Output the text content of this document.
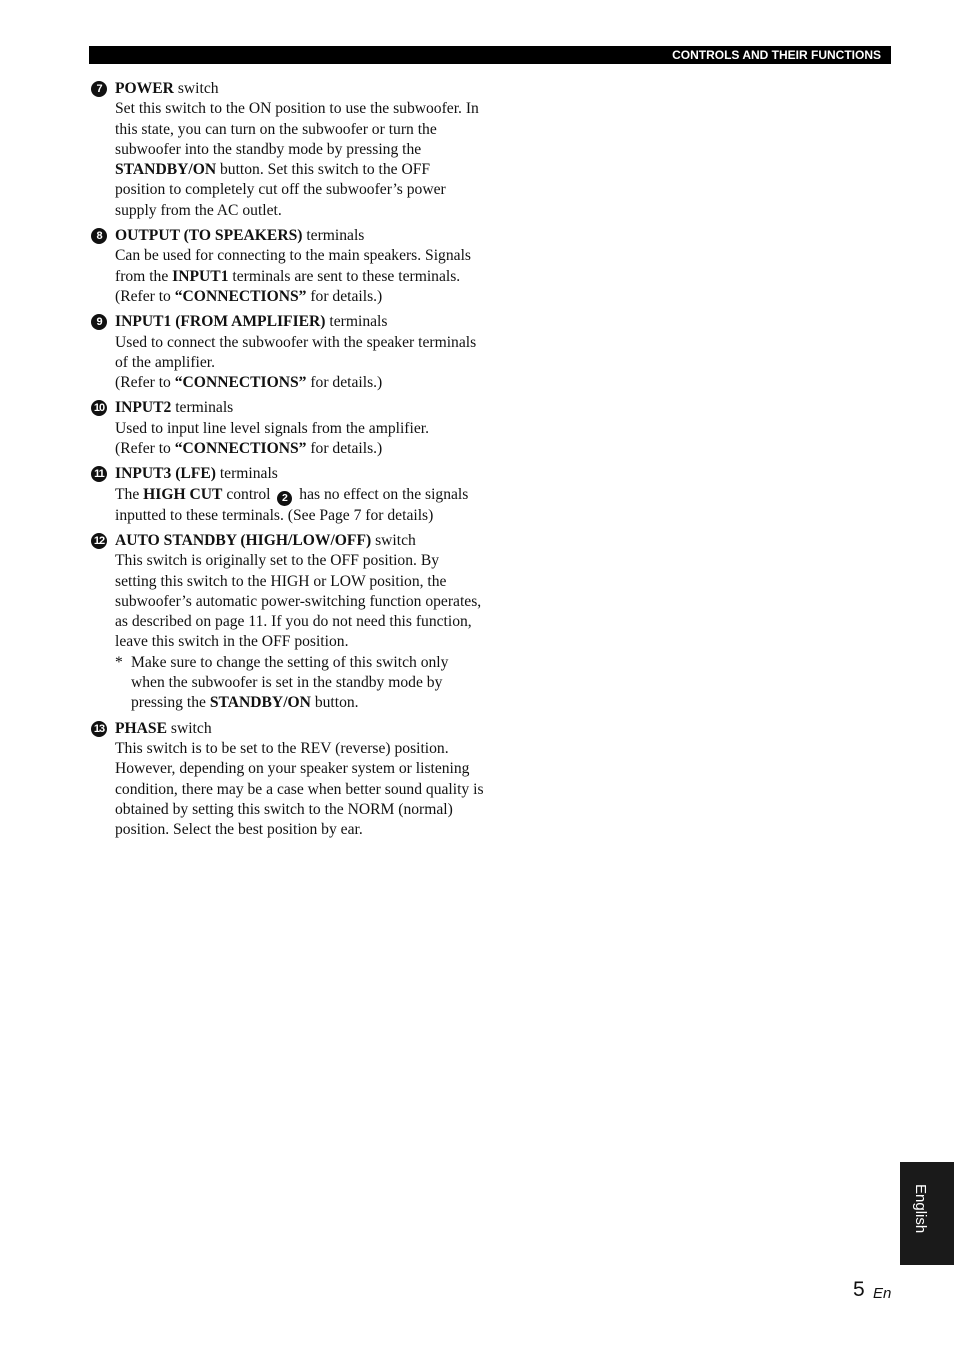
CONTROLS AND THEIR FUNCTIONS
7 POWER switch
Set this switch to the ON position to use the subwoofer. In this state, you can turn on the subwoofer or turn the subwoofer into the standby mode by pressing the STANDBY/ON button. Set this switch to the OFF position to completely cut off the subwoofer’s power supply from the AC outlet.
8 OUTPUT (TO SPEAKERS) terminals
Can be used for connecting to the main speakers. Signals from the INPUT1 terminals are sent to these terminals.
(Refer to “CONNECTIONS” for details.)
9 INPUT1 (FROM AMPLIFIER) terminals
Used to connect the subwoofer with the speaker terminals of the amplifier.
(Refer to “CONNECTIONS” for details.)
10 INPUT2 terminals
Used to input line level signals from the amplifier.
(Refer to “CONNECTIONS” for details.)
11 INPUT3 (LFE) terminals
The HIGH CUT control 2 has no effect on the signals inputted to these terminals. (See Page 7 for details)
12 AUTO STANDBY (HIGH/LOW/OFF) switch
This switch is originally set to the OFF position. By setting this switch to the HIGH or LOW position, the subwoofer’s automatic power-switching function operates, as described on page 11. If you do not need this function, leave this switch in the OFF position.
* Make sure to change the setting of this switch only when the subwoofer is set in the standby mode by pressing the STANDBY/ON button.
13 PHASE switch
This switch is to be set to the REV (reverse) position. However, depending on your speaker system or listening condition, there may be a case when better sound quality is obtained by setting this switch to the NORM (normal) position. Select the best position by ear.
English
5 En
